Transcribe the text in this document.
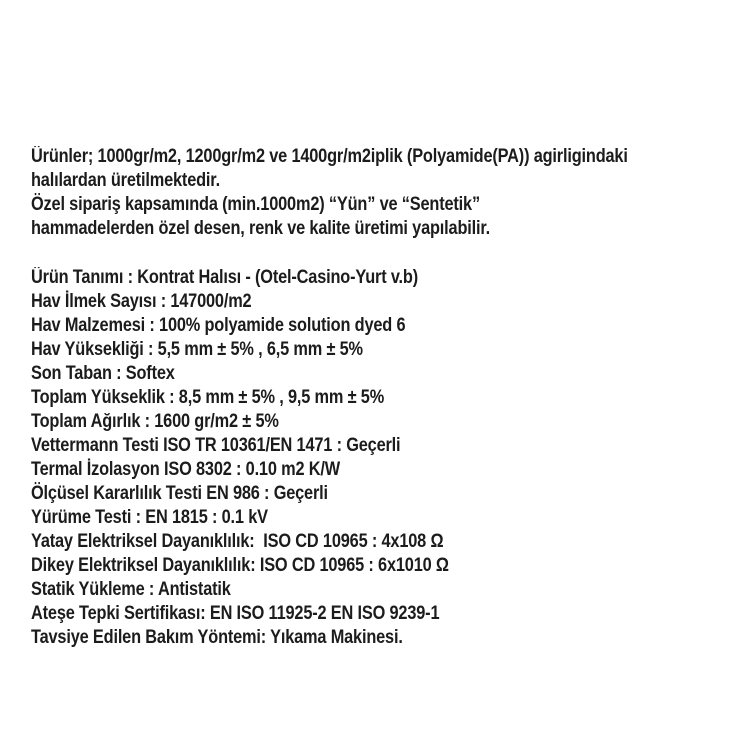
Ürünler; 1000gr/m2, 1200gr/m2 ve 1400gr/m2iplik (Polyamide(PA)) agirligindaki
halılardan üretilmektedir.
Özel sipariş kapsamında (min.1000m2) “Yün” ve “Sentetik”
hammadelerden özel desen, renk ve kalite üretimi yapılabilir.
Ürün Tanımı : Kontrat Halısı - (Otel-Casino-Yurt v.b)
Hav İlmek Sayısı : 147000/m2
Hav Malzemesi : 100% polyamide solution dyed 6
Hav Yüksekliği : 5,5 mm ± 5% , 6,5 mm ± 5%
Son Taban : Softex
Toplam Yükseklik : 8,5 mm ± 5% , 9,5 mm ± 5%
Toplam Ağırlık : 1600 gr/m2 ± 5%
Vettermann Testi ISO TR 10361/EN 1471 : Geçerli
Termal İzolasyon ISO 8302 : 0.10 m2 K/W
Ölçüsel Kararlılık Testi EN 986 : Geçerli
Yürüme Testi : EN 1815 : 0.1 kV
Yatay Elektriksel Dayanıklılık:  ISO CD 10965 : 4x108 Ω
Dikey Elektriksel Dayanıklılık: ISO CD 10965 : 6x1010 Ω
Statik Yükleme : Antistatik
Ateşe Tepki Sertifikası: EN ISO 11925-2 EN ISO 9239-1
Tavsiye Edilen Bakım Yöntemi: Yıkama Makinesi.
